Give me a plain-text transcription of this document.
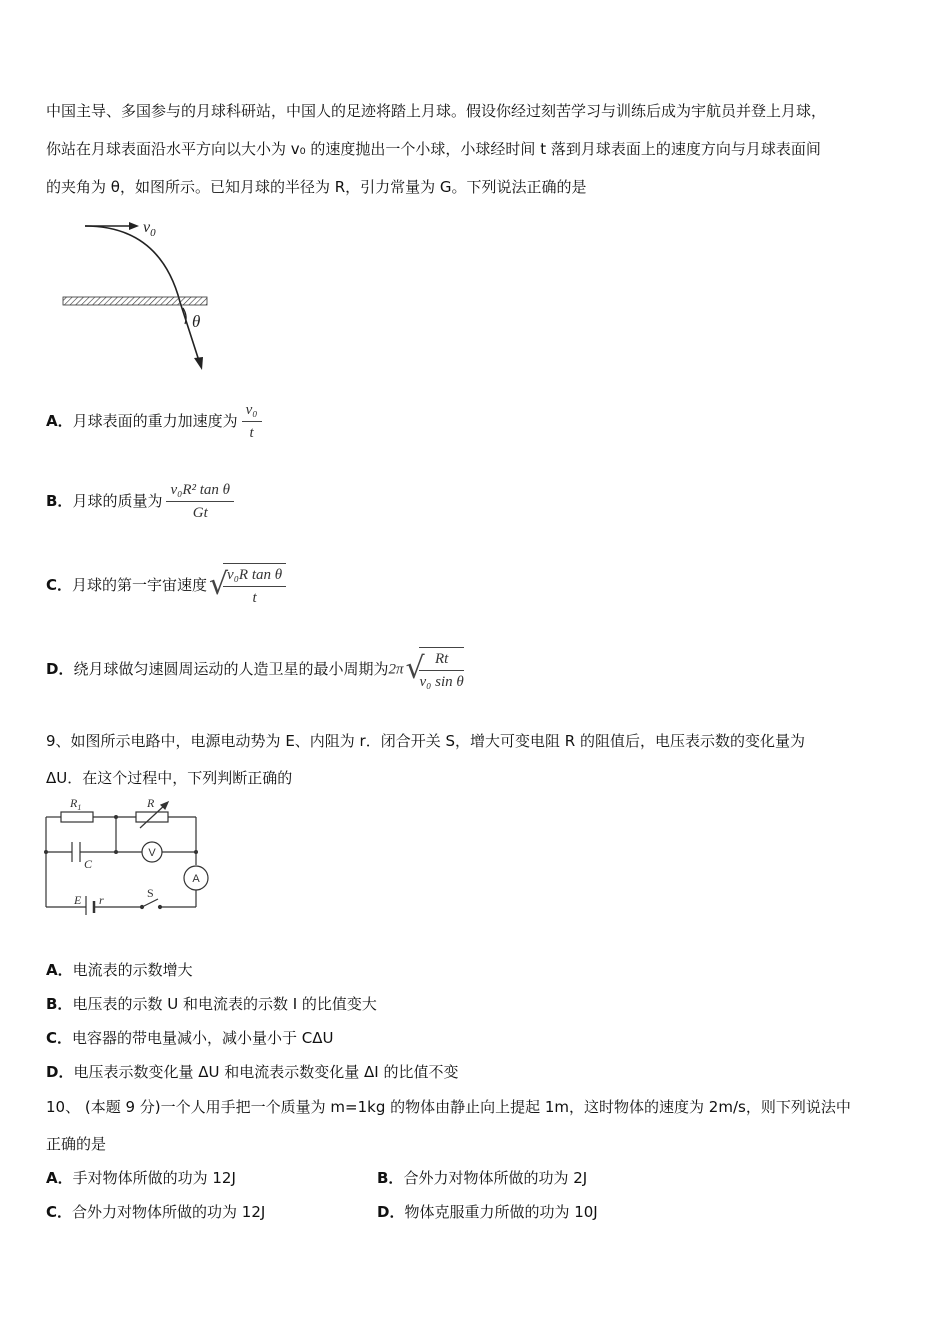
中国主导、多国参与的月球科研站，中国人的足迹将踏上月球。假设你经过刻苦学习与训练后成为宇航员并登上月球，
你站在月球表面沿水平方向以大小为 v₀ 的速度抛出一个小球，小球经时间 t 落到月球表面上的速度方向与月球表面间
的夹角为 θ，如图所示。已知月球的半径为 R，引力常量为 G。下列说法正确的是
$v_0$
θ
A．月球表面的重力加速度为 $\frac{\text{v₀}}{t}$
B．月球的质量为 $\frac{\text{v₀R² tan θ}}{Gt}$
C．月球的第一宇宙速度 √ $\frac{\text{v₀R tan θ}}{t}$
D．绕月球做匀速圆周运动的人造卫星的最小周期为2π √ $\frac{Rt}{\text{v₀ sin θ}}$
9、如图所示电路中，电源电动势为 E、内阻为 r．闭合开关 S，增大可变电阻 R 的阻值后，电压表示数的变化量为
ΔU．在这个过程中，下列判断正确的
$R_1$	R
C
E r	S
V
A
A．电流表的示数增大
B．电压表的示数 U 和电流表的示数 I 的比值变大
C．电容器的带电量减小，减小量小于 CΔU
D．电压表示数变化量 ΔU 和电流表示数变化量 ΔI 的比值不变
10、 (本题 9 分)一个人用手把一个质量为 m=1kg 的物体由静止向上提起 1m，这时物体的速度为 2m/s，则下列说法中
正确的是
A．手对物体所做的功为 12J	B．合外力对物体所做的功为 2J
C．合外力对物体所做的功为 12J	D．物体克服重力所做的功为 10J
